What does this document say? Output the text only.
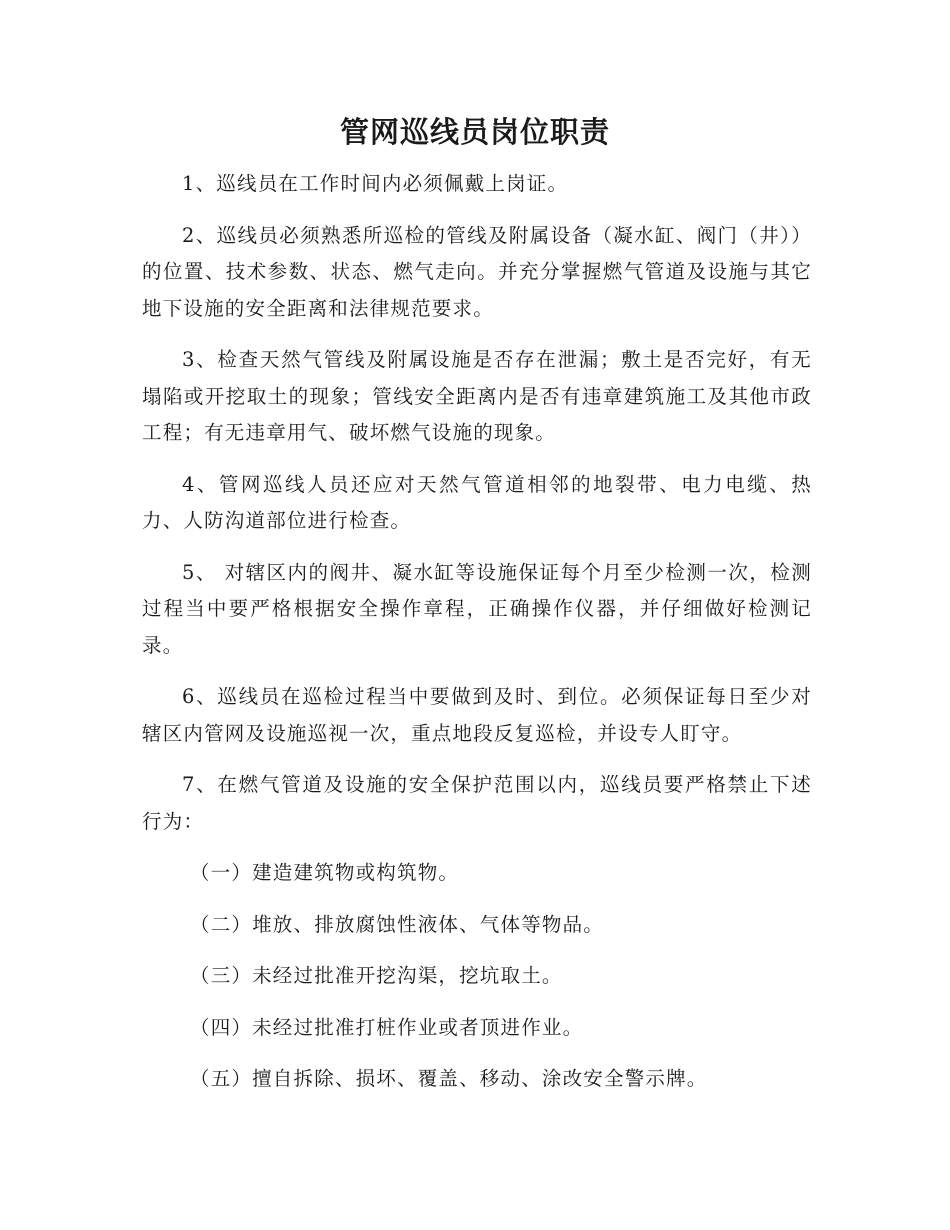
管网巡线员岗位职责

1、巡线员在工作时间内必须佩戴上岗证。

2、巡线员必须熟悉所巡检的管线及附属设备（凝水缸、阀门（井））的位置、技术参数、状态、燃气走向。并充分掌握燃气管道及设施与其它地下设施的安全距离和法律规范要求。

3、检查天然气管线及附属设施是否存在泄漏；敷土是否完好，有无塌陷或开挖取土的现象；管线安全距离内是否有违章建筑施工及其他市政工程；有无违章用气、破坏燃气设施的现象。

4、管网巡线人员还应对天然气管道相邻的地裂带、电力电缆、热力、人防沟道部位进行检查。

5、 对辖区内的阀井、凝水缸等设施保证每个月至少检测一次，检测过程当中要严格根据安全操作章程，正确操作仪器，并仔细做好检测记录。

6、巡线员在巡检过程当中要做到及时、到位。必须保证每日至少对辖区内管网及设施巡视一次，重点地段反复巡检，并设专人盯守。

7、在燃气管道及设施的安全保护范围以内，巡线员要严格禁止下述行为：

（一）建造建筑物或构筑物。

（二）堆放、排放腐蚀性液体、气体等物品。

（三）未经过批准开挖沟渠，挖坑取土。

（四）未经过批准打桩作业或者顶进作业。

（五）擅自拆除、损坏、覆盖、移动、涂改安全警示牌。
